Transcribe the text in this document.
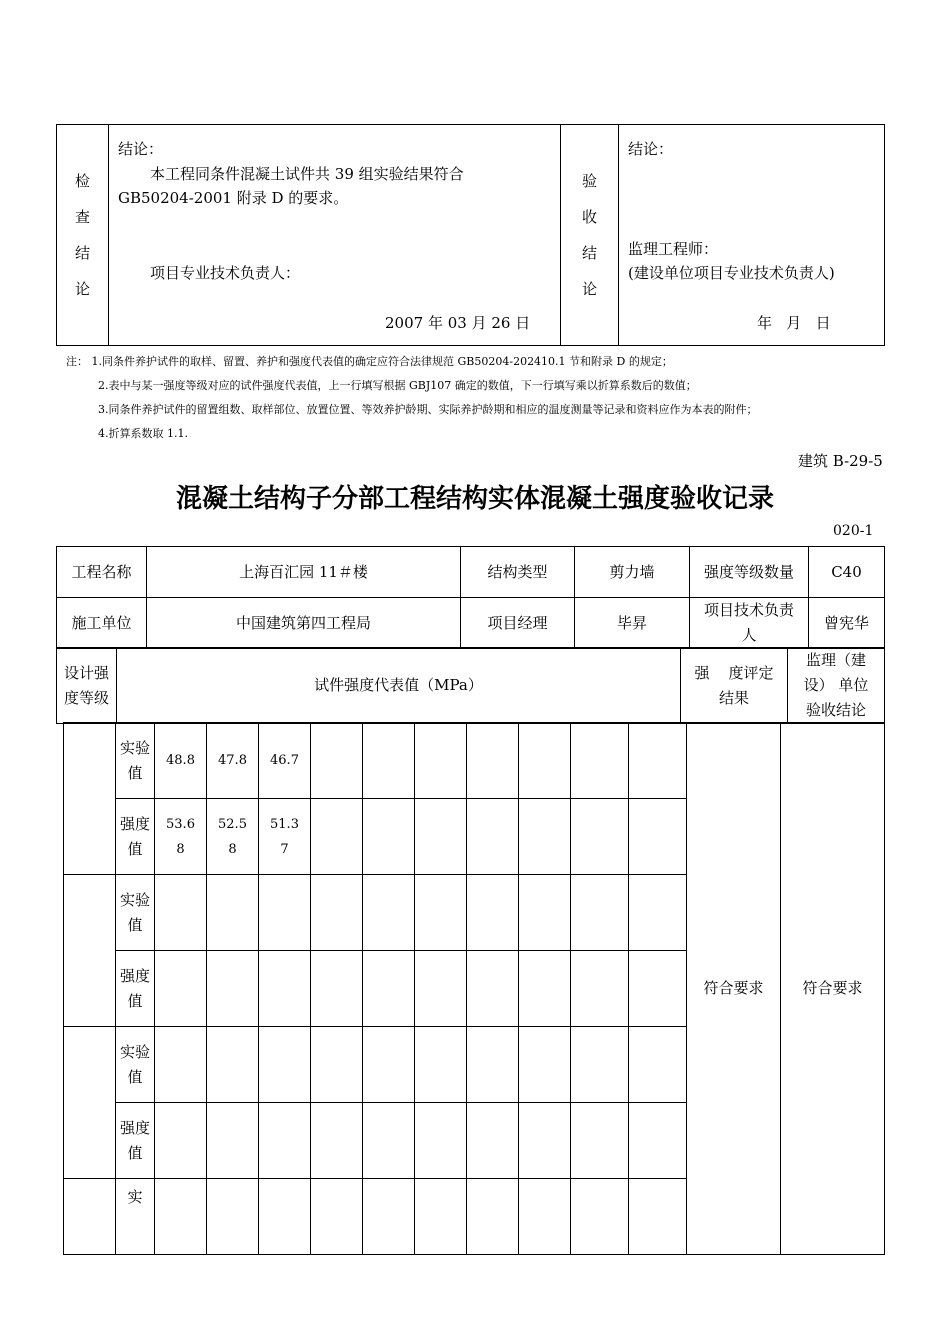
检
查
结
论

结论：
本工程同条件混凝土试件共 39 组实验结果符合
GB50204-2001 附录 D 的要求。
项目专业技术负责人：
2007 年 03 月 26 日

验
收
结
论

结论：
监理工程师：
(建设单位项目专业技术负责人)
年   月   日
注： 1.同条件养护试件的取样、留置、养护和强度代表值的确定应符合法律规范 GB50204-202410.1 节和附录 D 的规定；
2.表中与某一强度等级对应的试件强度代表值，上一行填写根据 GBJ107 确定的数值，下一行填写乘以折算系数后的数值；
3.同条件养护试件的留置组数、取样部位、放置位置、等效养护龄期、实际养护龄期和相应的温度测量等记录和资料应作为本表的附件；
4.折算系数取 1.1.
建筑 B-29-5
混凝土结构子分部工程结构实体混凝土强度验收记录
020-1
工程名称	上海百汇园 11＃楼	结构类型	剪力墙	强度等级数量	C40
施工单位	中国建筑第四工程局	项目经理	毕昇	项目技术负责人	曾宪华
设计强度等级	试件强度代表值（MPa）	强    度评定结果	监理（建设） 单位验收结论
	实验值	48.8	47.8	46.7								符合要求	符合要求
	强度值	53.68	52.58	51.37									
	实验值												
	强度值												
	实验值												
	强度值												
	实												
